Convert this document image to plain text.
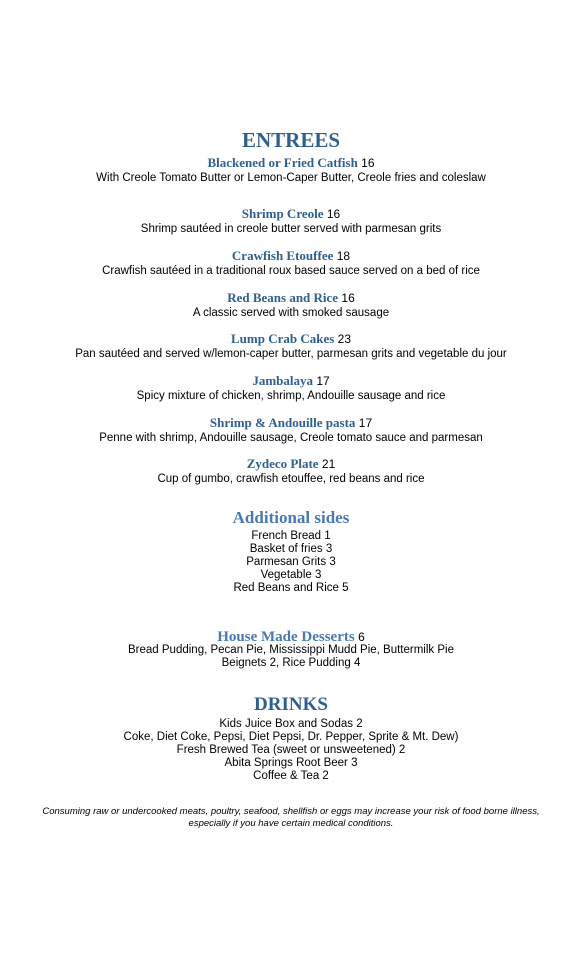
ENTREES
Blackened or Fried Catfish 16
With Creole Tomato Butter or Lemon-Caper Butter, Creole fries and coleslaw
Shrimp Creole 16
Shrimp sautéed in creole butter served with parmesan grits
Crawfish Etouffee 18
Crawfish sautéed in a traditional roux based sauce served on a bed of rice
Red Beans and Rice 16
A classic served with smoked sausage
Lump Crab Cakes 23
Pan sautéed and served w/lemon-caper butter, parmesan grits and vegetable du jour
Jambalaya 17
Spicy mixture of chicken, shrimp, Andouille sausage and rice
Shrimp & Andouille pasta 17
Penne with shrimp, Andouille sausage, Creole tomato sauce and parmesan
Zydeco Plate 21
Cup of gumbo, crawfish etouffee, red beans and rice
Additional sides
French Bread 1
Basket of fries 3
Parmesan Grits 3
Vegetable 3
Red Beans and Rice 5
House Made Desserts 6
Bread Pudding, Pecan Pie, Mississippi Mudd Pie, Buttermilk Pie
Beignets 2, Rice Pudding 4
DRINKS
Kids Juice Box and Sodas 2
Coke, Diet Coke, Pepsi, Diet Pepsi, Dr. Pepper, Sprite & Mt. Dew)
Fresh Brewed Tea (sweet or unsweetened) 2
Abita Springs Root Beer 3
Coffee & Tea 2
Consuming raw or undercooked meats, poultry, seafood, shellfish or eggs may increase your risk of food borne illness, especially if you have certain medical conditions.
